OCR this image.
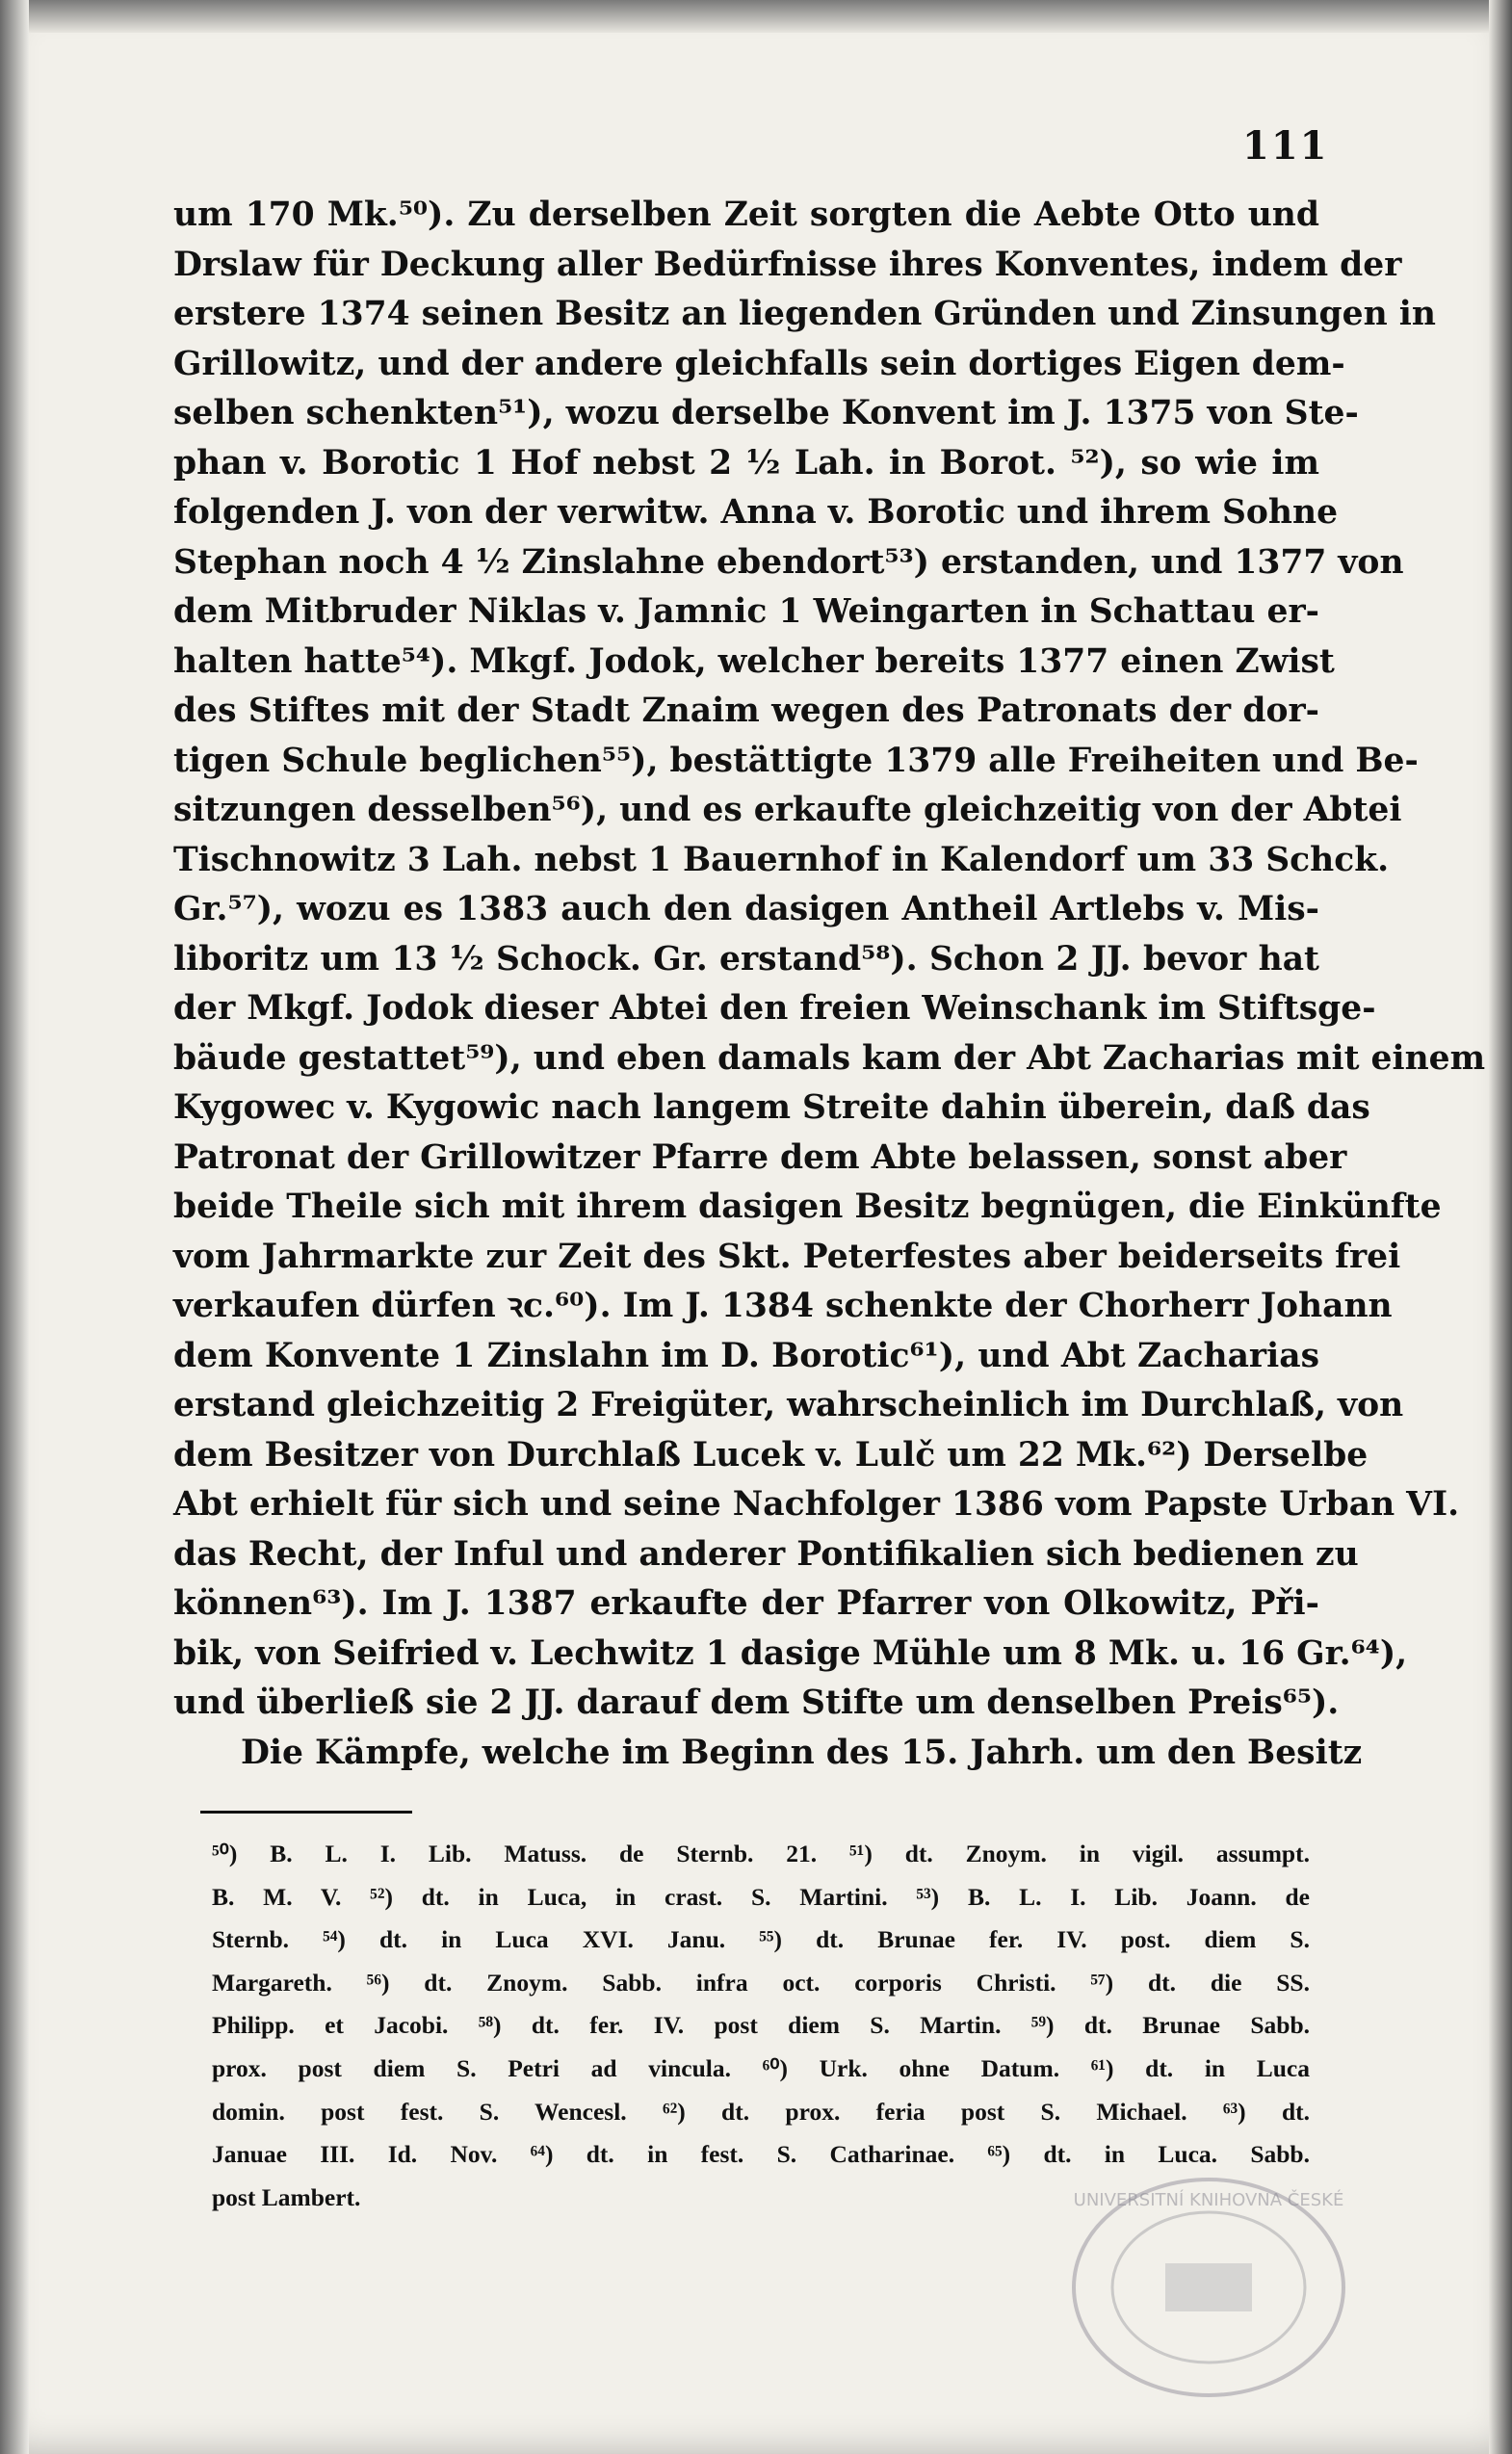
111
um 170 Mk.⁵⁰). Zu derselben Zeit sorgten die Aebte Otto und
Drslaw für Deckung aller Bedürfnisse ihres Konventes, indem der
erstere 1374 seinen Besitz an liegenden Gründen und Zinsungen in
Grillowitz, und der andere gleichfalls sein dortiges Eigen dem-
selben schenkten⁵¹), wozu derselbe Konvent im J. 1375 von Ste-
phan v. Borotic 1 Hof nebst 2 ½ Lah. in Borot. ⁵²), so wie im
folgenden J. von der verwitw. Anna v. Borotic und ihrem Sohne
Stephan noch 4 ½ Zinslahne ebendort⁵³) erstanden, und 1377 von
dem Mitbruder Niklas v. Jamnic 1 Weingarten in Schattau er-
halten hatte⁵⁴). Mkgf. Jodok, welcher bereits 1377 einen Zwist
des Stiftes mit der Stadt Znaim wegen des Patronats der dor-
tigen Schule beglichen⁵⁵), bestättigte 1379 alle Freiheiten und Be-
sitzungen desselben⁵⁶), und es erkaufte gleichzeitig von der Abtei
Tischnowitz 3 Lah. nebst 1 Bauernhof in Kalendorf um 33 Schck.
Gr.⁵⁷), wozu es 1383 auch den dasigen Antheil Artlebs v. Mis-
liboritz um 13 ½ Schock. Gr. erstand⁵⁸). Schon 2 JJ. bevor hat
der Mkgf. Jodok dieser Abtei den freien Weinschank im Stiftsge-
bäude gestattet⁵⁹), und eben damals kam der Abt Zacharias mit einem
Kygowec v. Kygowic nach langem Streite dahin überein, daß das
Patronat der Grillowitzer Pfarre dem Abte belassen, sonst aber
beide Theile sich mit ihrem dasigen Besitz begnügen, die Einkünfte
vom Jahrmarkte zur Zeit des Skt. Peterfestes aber beiderseits frei
verkaufen dürfen ꝛc.⁶⁰). Im J. 1384 schenkte der Chorherr Johann
dem Konvente 1 Zinslahn im D. Borotic⁶¹), und Abt Zacharias
erstand gleichzeitig 2 Freigüter, wahrscheinlich im Durchlaß, von
dem Besitzer von Durchlaß Lucek v. Lulč um 22 Mk.⁶²) Derselbe
Abt erhielt für sich und seine Nachfolger 1386 vom Papste Urban VI.
das Recht, der Inful und anderer Pontifikalien sich bedienen zu
können⁶³). Im J. 1387 erkaufte der Pfarrer von Olkowitz, Při-
bik, von Seifried v. Lechwitz 1 dasige Mühle um 8 Mk. u. 16 Gr.⁶⁴),
und überließ sie 2 JJ. darauf dem Stifte um denselben Preis⁶⁵).
Die Kämpfe, welche im Beginn des 15. Jahrh. um den Besitz
⁵⁰) B. L. I. Lib. Matuss. de Sternb. 21. ⁵¹) dt. Znoym. in vigil. assumpt.
B. M. V. ⁵²) dt. in Luca, in crast. S. Martini. ⁵³) B. L. I. Lib. Joann. de
Sternb. ⁵⁴) dt. in Luca XVI. Janu. ⁵⁵) dt. Brunae fer. IV. post. diem S.
Margareth. ⁵⁶) dt. Znoym. Sabb. infra oct. corporis Christi. ⁵⁷) dt. die SS.
Philipp. et Jacobi. ⁵⁸) dt. fer. IV. post diem S. Martin. ⁵⁹) dt. Brunae Sabb.
prox. post diem S. Petri ad vincula. ⁶⁰) Urk. ohne Datum. ⁶¹) dt. in Luca
domin. post fest. S. Wencesl. ⁶²) dt. prox. feria post S. Michael. ⁶³) dt.
Januae III. Id. Nov. ⁶⁴) dt. in fest. S. Catharinae. ⁶⁵) dt. in Luca. Sabb.
post Lambert.	UNIVERSITNÍ KNIHOVNA ČESKÉ
